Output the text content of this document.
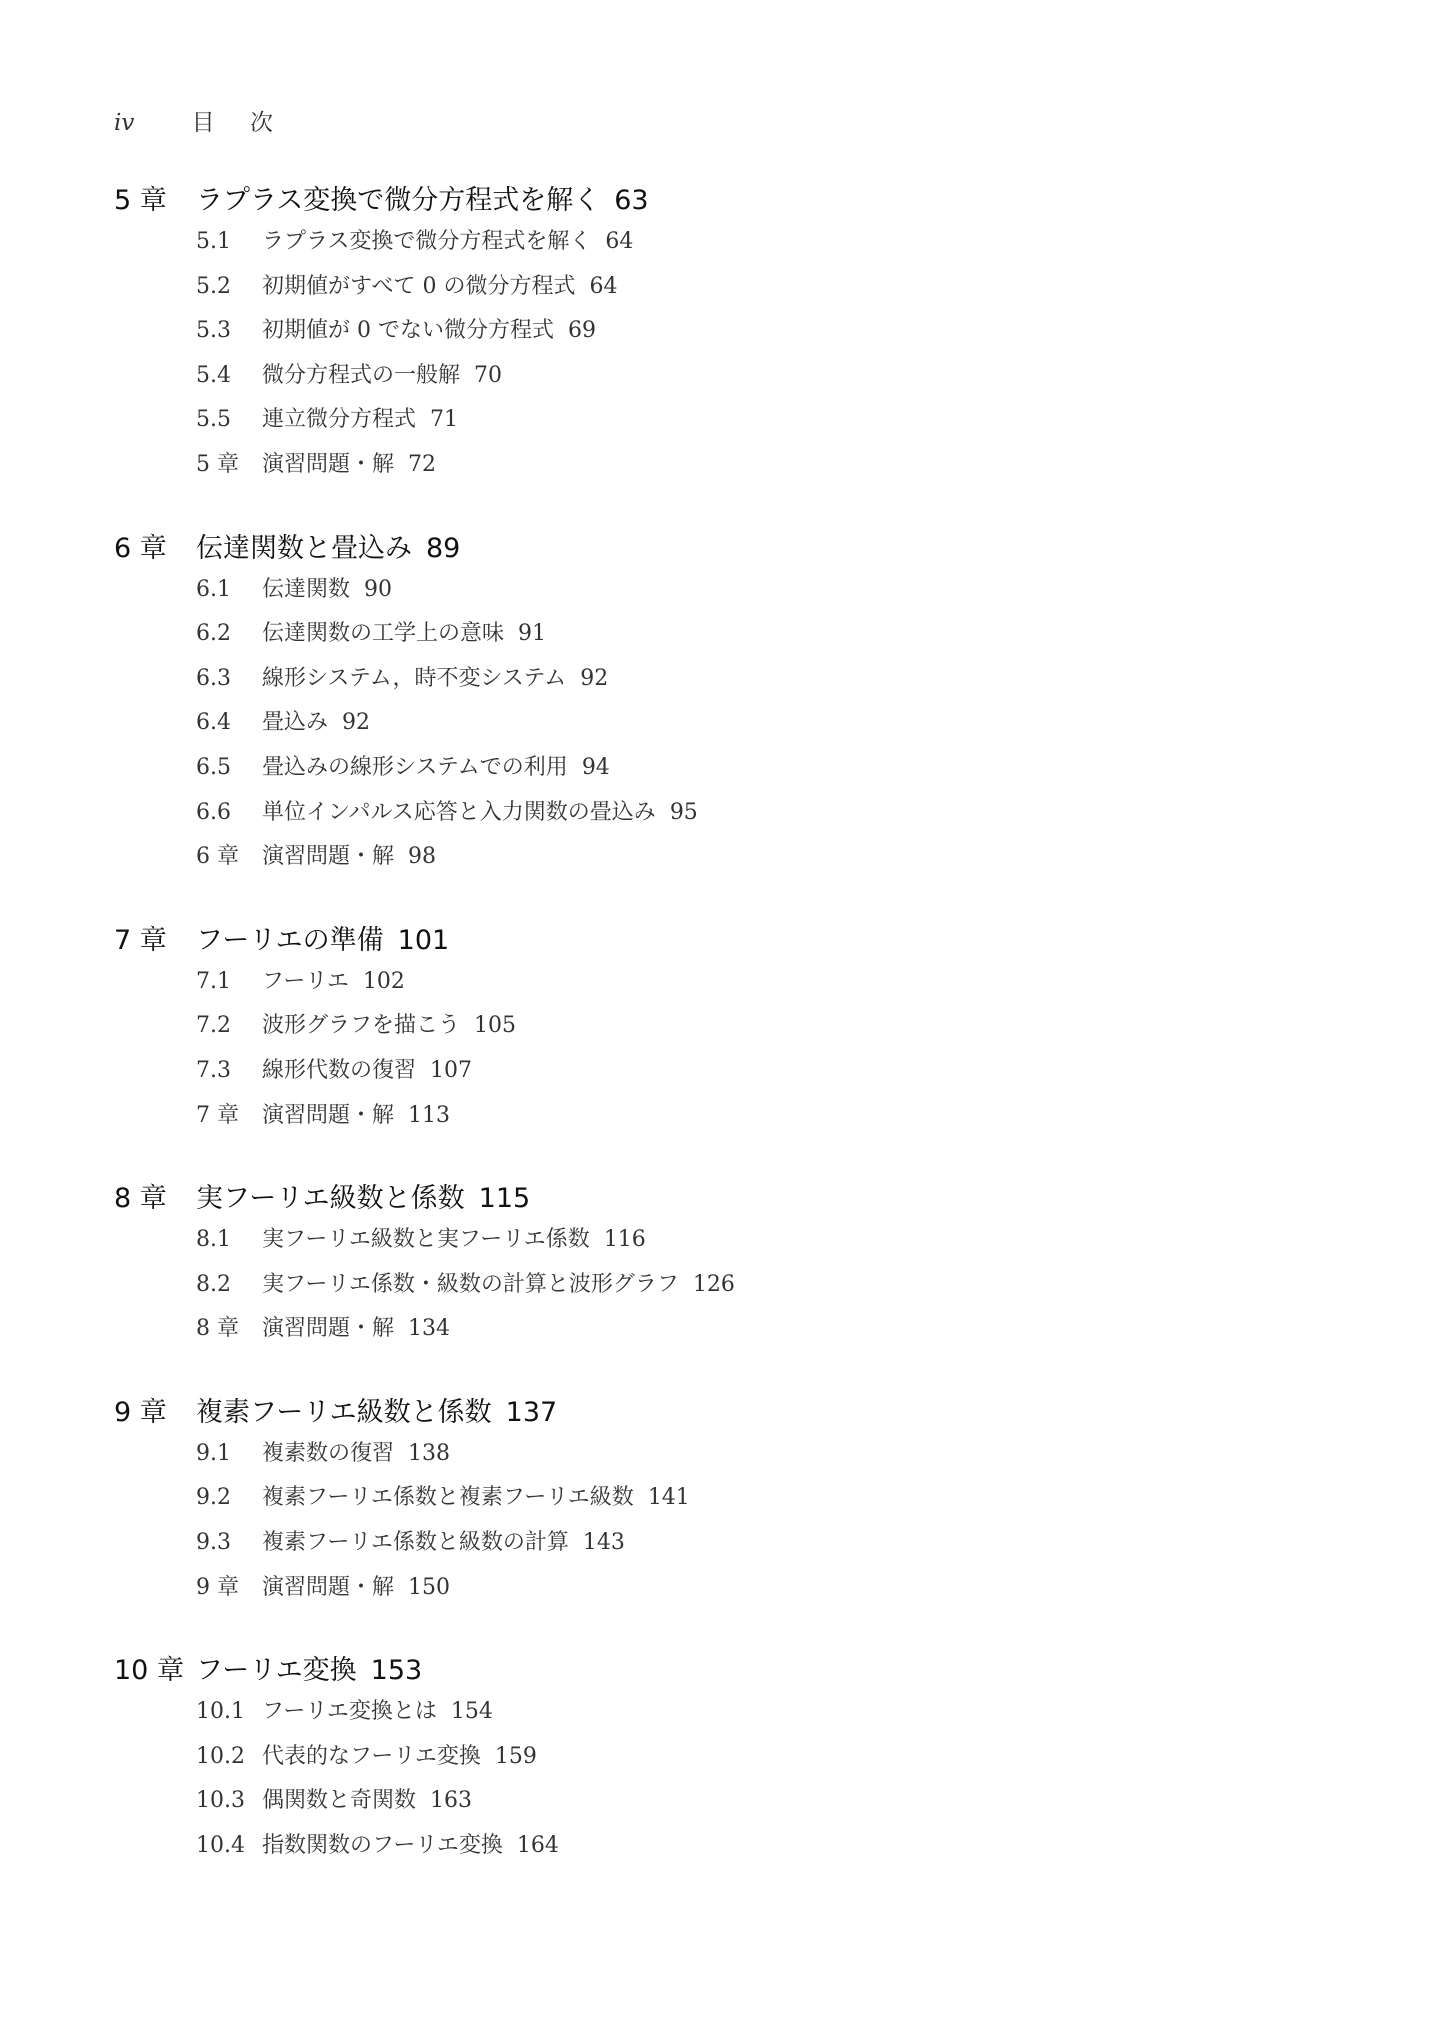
iv 目 次
5 章	ラプラス変換で微分方程式を解く 63
5.1	ラプラス変換で微分方程式を解く 64
5.2	初期値がすべて 0 の微分方程式 64
5.3	初期値が 0 でない微分方程式 69
5.4	微分方程式の一般解 70
5.5	連立微分方程式 71
5 章	演習問題・解 72
6 章	伝達関数と畳込み 89
6.1	伝達関数 90
6.2	伝達関数の工学上の意味 91
6.3	線形システム，時不変システム 92
6.4	畳込み 92
6.5	畳込みの線形システムでの利用 94
6.6	単位インパルス応答と入力関数の畳込み 95
6 章	演習問題・解 98
7 章	フーリエの準備 101
7.1	フーリエ 102
7.2	波形グラフを描こう 105
7.3	線形代数の復習 107
7 章	演習問題・解 113
8 章	実フーリエ級数と係数 115
8.1	実フーリエ級数と実フーリエ係数 116
8.2	実フーリエ係数・級数の計算と波形グラフ 126
8 章	演習問題・解 134
9 章	複素フーリエ級数と係数 137
9.1	複素数の復習 138
9.2	複素フーリエ係数と複素フーリエ級数 141
9.3	複素フーリエ係数と級数の計算 143
9 章	演習問題・解 150
10 章 フーリエ変換 153
10.1 フーリエ変換とは 154
10.2 代表的なフーリエ変換 159
10.3 偶関数と奇関数 163
10.4 指数関数のフーリエ変換 164
